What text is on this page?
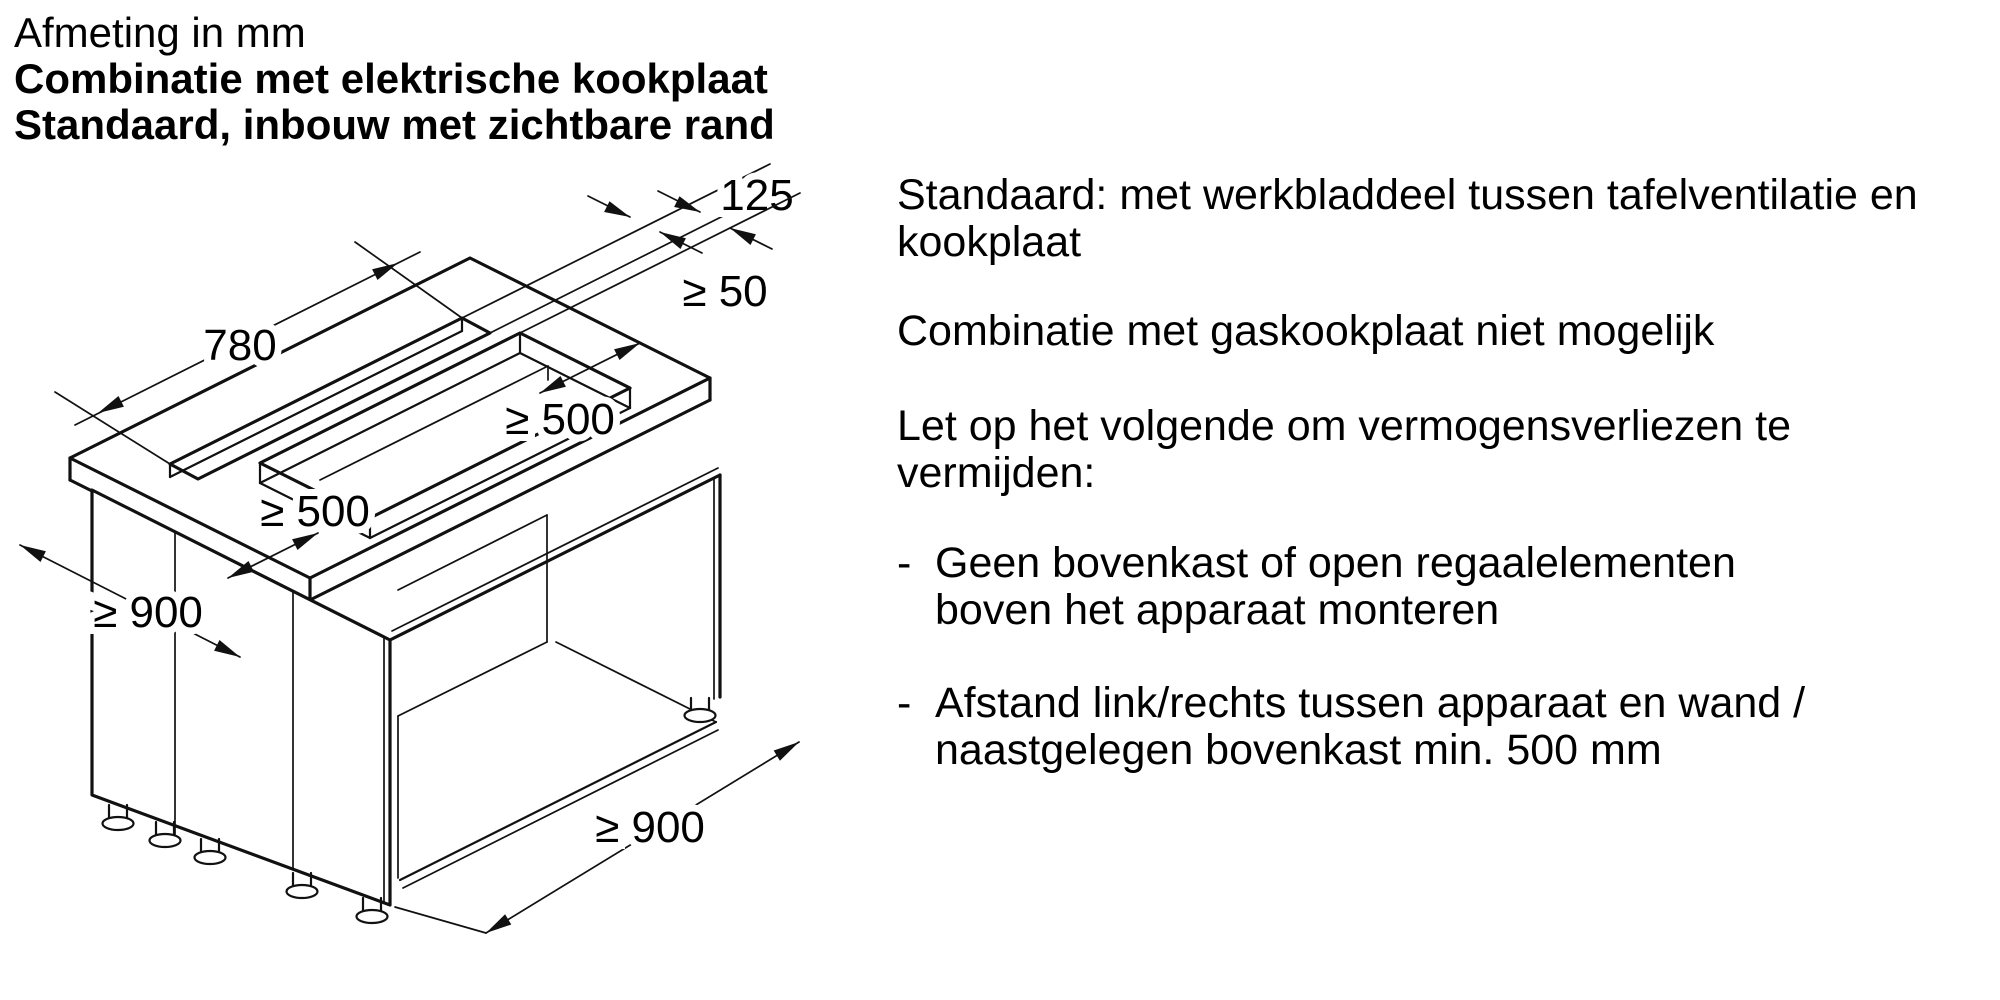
Afmeting in mm
Combinatie met elektrische kookplaat
Standaard, inbouw met zichtbare rand
780
125
≥ 50
≥ 500
≥ 500
≥ 900
≥ 900
Standaard: met werkbladdeel tussen tafelventilatie en kookplaat
Combinatie met gaskookplaat niet mogelijk
Let op het volgende om vermogensverliezen te vermijden:
- Geen bovenkast of open regaalelementen boven het apparaat monteren
- Afstand link/rechts tussen apparaat en wand / naastgelegen bovenkast min. 500 mm
